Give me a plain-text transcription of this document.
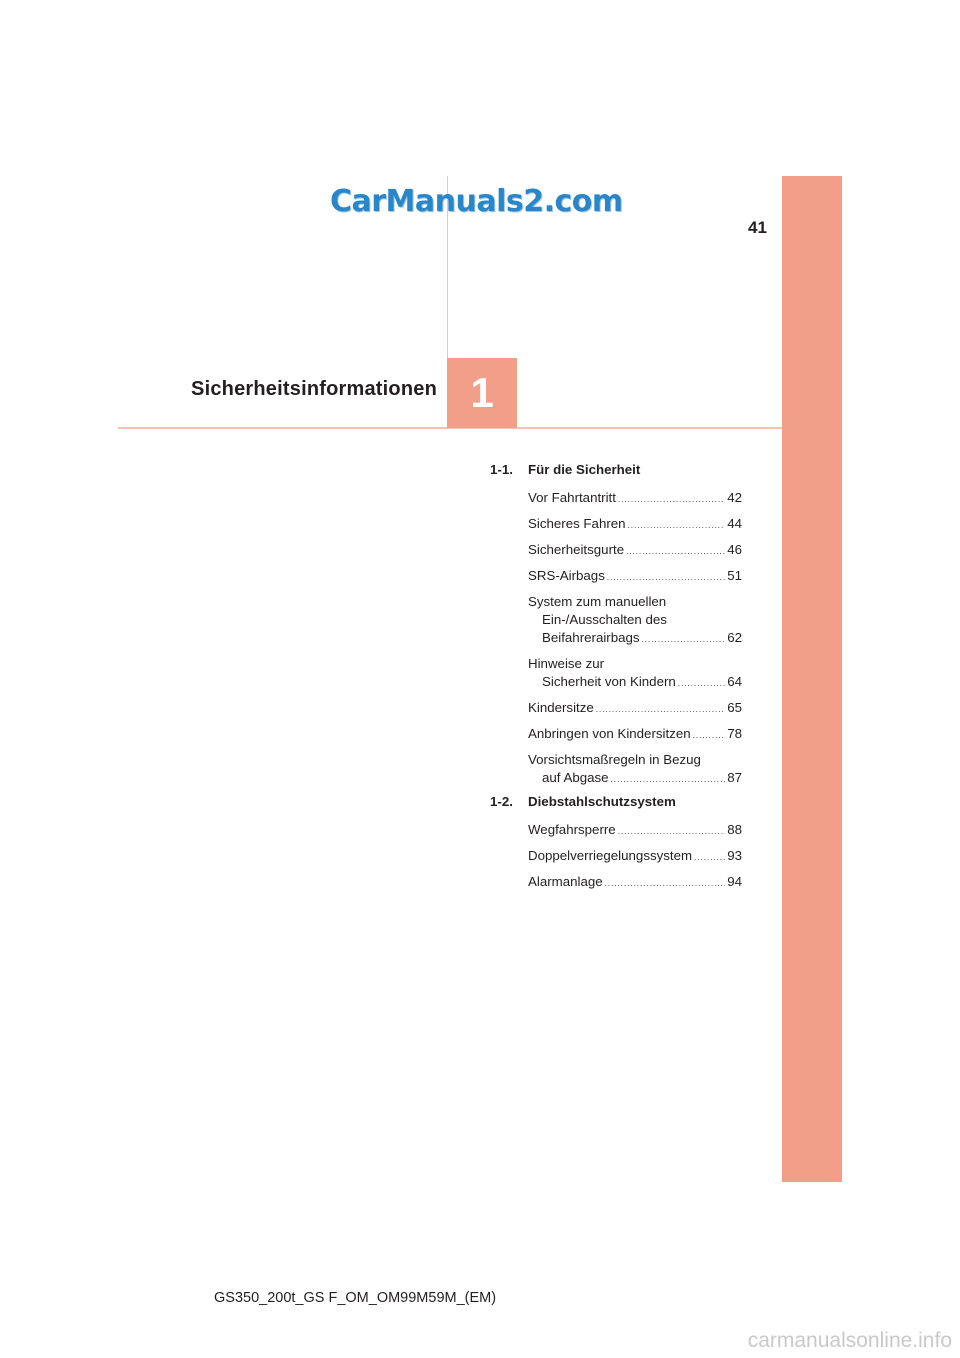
CarManuals2.com
41
Sicherheitsinformationen 1
1-1.	Für die Sicherheit
Vor Fahrtantritt .....	42
Sicheres Fahren .....	44
Sicherheitsgurte .....	46
SRS-Airbags .....	51
System zum manuellen
Ein-/Ausschalten des
Beifahrerairbags .....	62
Hinweise zur
Sicherheit von Kindern .....	64
Kindersitze .....	65
Anbringen von Kindersitzen .....	78
Vorsichtsmaßregeln in Bezug
auf Abgase .....	87
1-2.	Diebstahlschutzsystem
Wegfahrsperre .....	88
Doppelverriegelungssystem .....	93
Alarmanlage .....	94
GS350_200t_GS F_OM_OM99M59M_(EM)
carmanualsonline.info
